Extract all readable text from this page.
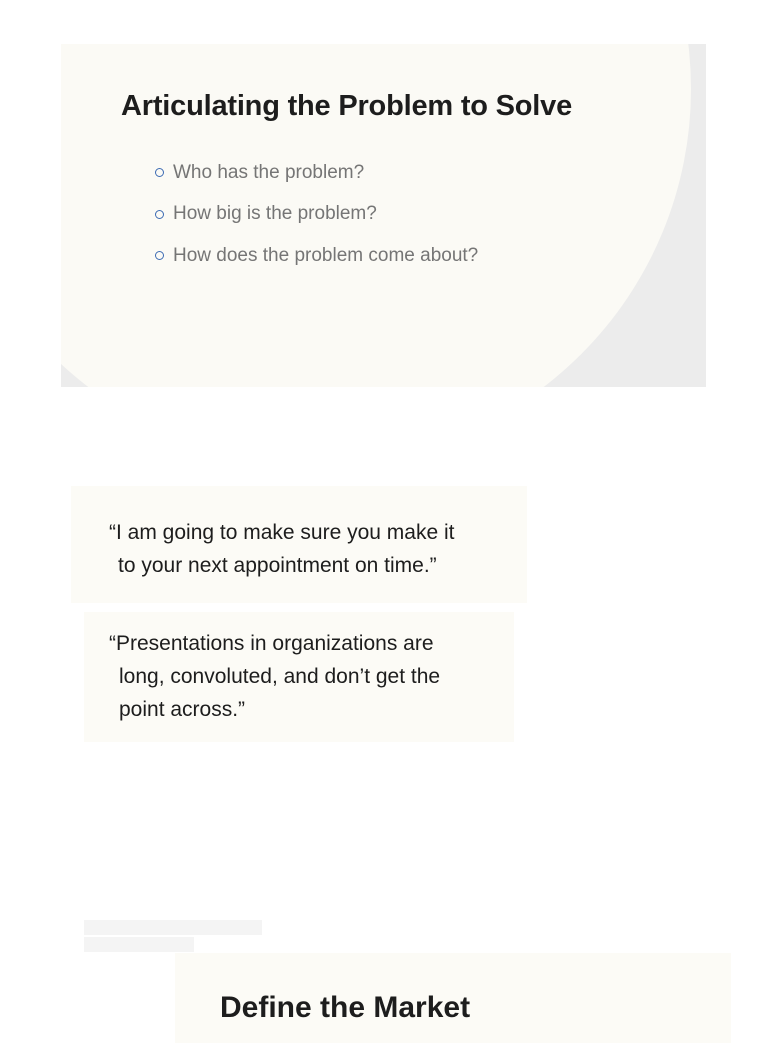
Articulating the Problem to Solve
Who has the problem?
How big is the problem?
How does the problem come about?
“I am going to make sure you make it
to your next appointment on time.”
“Presentations in organizations are
long, convoluted, and don’t get the
point across.”
Define the Market
